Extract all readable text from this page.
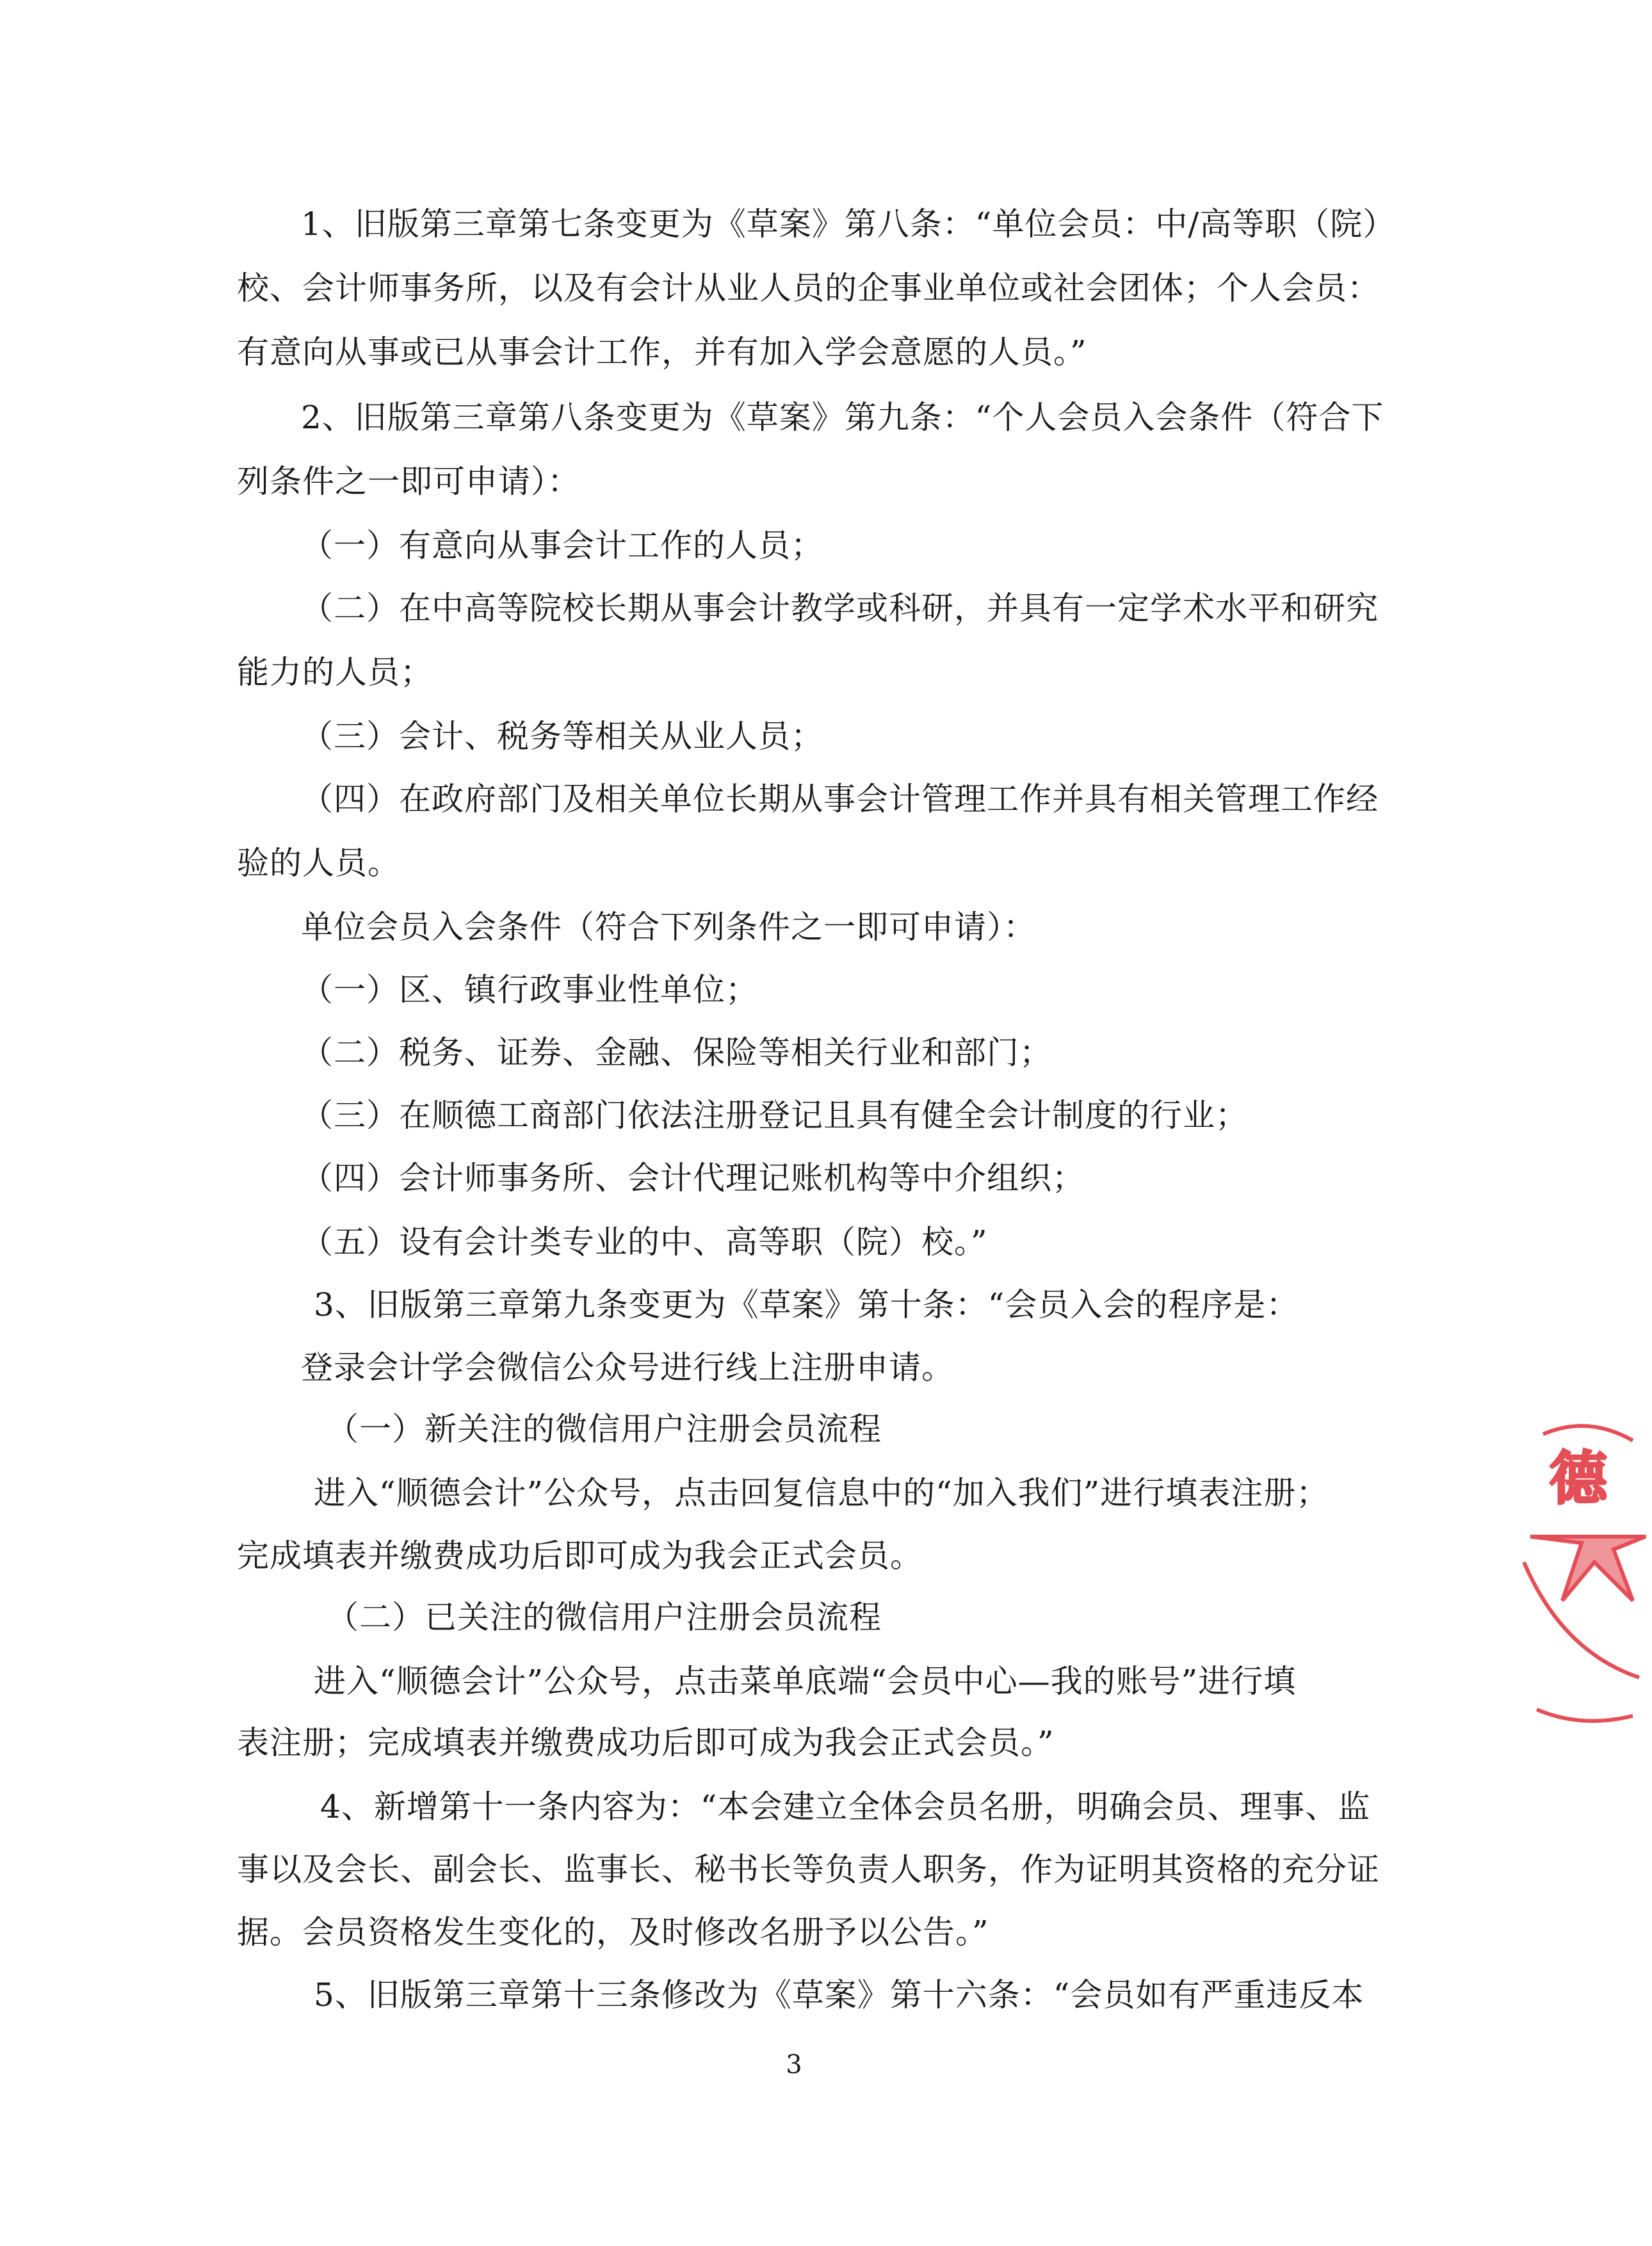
1、旧版第三章第七条变更为《草案》第八条：“单位会员：中/高等职（院）
校、会计师事务所，以及有会计从业人员的企事业单位或社会团体；个人会员：
有意向从事或已从事会计工作，并有加入学会意愿的人员。”
2、旧版第三章第八条变更为《草案》第九条：“个人会员入会条件（符合下
列条件之一即可申请）：
（一）有意向从事会计工作的人员；
（二）在中高等院校长期从事会计教学或科研，并具有一定学术水平和研究
能力的人员；
（三）会计、税务等相关从业人员；
（四）在政府部门及相关单位长期从事会计管理工作并具有相关管理工作经
验的人员。
单位会员入会条件（符合下列条件之一即可申请）：
（一）区、镇行政事业性单位；
（二）税务、证券、金融、保险等相关行业和部门；
（三）在顺德工商部门依法注册登记且具有健全会计制度的行业；
（四）会计师事务所、会计代理记账机构等中介组织；
（五）设有会计类专业的中、高等职（院）校。”
3、旧版第三章第九条变更为《草案》第十条：“会员入会的程序是：
登录会计学会微信公众号进行线上注册申请。
（一）新关注的微信用户注册会员流程
进入“顺德会计”公众号，点击回复信息中的“加入我们”进行填表注册；
完成填表并缴费成功后即可成为我会正式会员。
（二）已关注的微信用户注册会员流程
进入“顺德会计”公众号，点击菜单底端“会员中心—我的账号”进行填
表注册；完成填表并缴费成功后即可成为我会正式会员。”
4、新增第十一条内容为：“本会建立全体会员名册，明确会员、理事、监
事以及会长、副会长、监事长、秘书长等负责人职务，作为证明其资格的充分证
据。会员资格发生变化的，及时修改名册予以公告。”
5、旧版第三章第十三条修改为《草案》第十六条：“会员如有严重违反本
3
德
